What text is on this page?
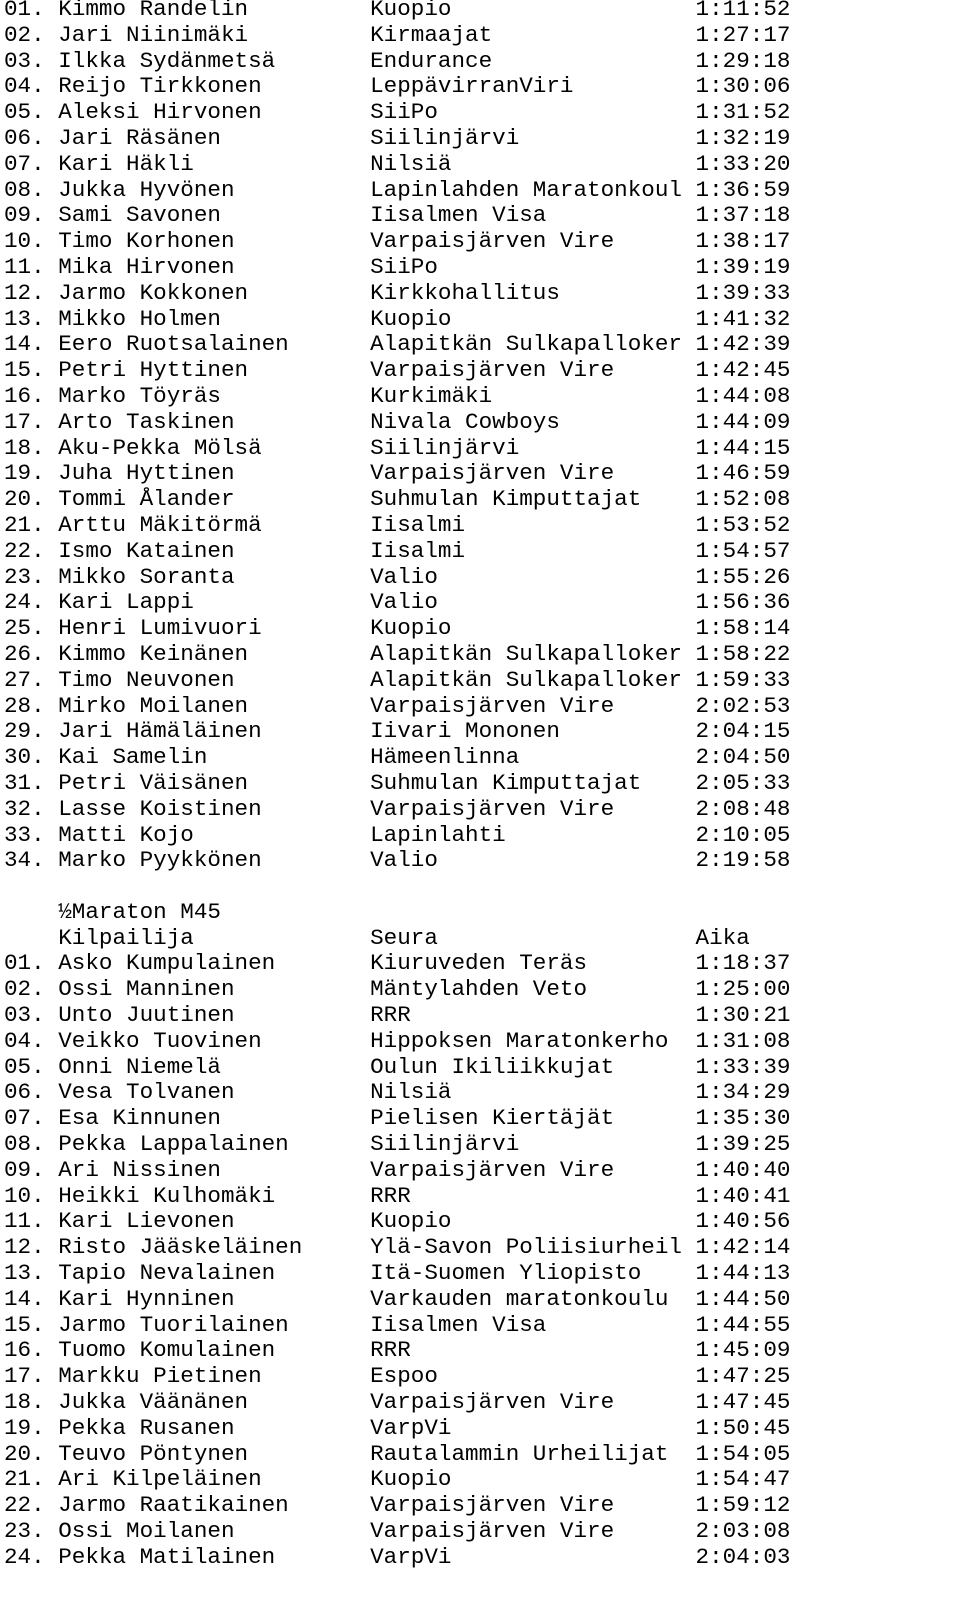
01. Kimmo Randelin	Kuopio	1:11:52
02. Jari Niinimäki	Kirmaajat	1:27:17
03. Ilkka Sydänmetsä	Endurance	1:29:18
04. Reijo Tirkkonen	LeppävirranViri	1:30:06
05. Aleksi Hirvonen	SiiPo	1:31:52
06. Jari Räsänen	Siilinjärvi	1:32:19
07. Kari Häkli	Nilsiä	1:33:20
08. Jukka Hyvönen	Lapinlahden Maratonkoul 1:36:59
09. Sami Savonen	Iisalmen Visa	1:37:18
10. Timo Korhonen	Varpaisjärven Vire	1:38:17
11. Mika Hirvonen	SiiPo	1:39:19
12. Jarmo Kokkonen	Kirkkohallitus	1:39:33
13. Mikko Holmen	Kuopio	1:41:32
14. Eero Ruotsalainen	Alapitkän Sulkapalloker 1:42:39
15. Petri Hyttinen	Varpaisjärven Vire	1:42:45
16. Marko Töyräs	Kurkimäki	1:44:08
17. Arto Taskinen	Nivala Cowboys	1:44:09
18. Aku-Pekka Mölsä	Siilinjärvi	1:44:15
19. Juha Hyttinen	Varpaisjärven Vire	1:46:59
20. Tommi Ålander	Suhmulan Kimputtajat 1:52:08
21. Arttu Mäkitörmä	Iisalmi	1:53:52
22. Ismo Katainen	Iisalmi	1:54:57
23. Mikko Soranta	Valio	1:55:26
24. Kari Lappi	Valio	1:56:36
25. Henri Lumivuori	Kuopio	1:58:14
26. Kimmo Keinänen	Alapitkän Sulkapalloker 1:58:22
27. Timo Neuvonen	Alapitkän Sulkapalloker 1:59:33
28. Mirko Moilanen	Varpaisjärven Vire	2:02:53
29. Jari Hämäläinen	Iivari Mononen	2:04:15
30. Kai Samelin	Hämeenlinna	2:04:50
31. Petri Väisänen	Suhmulan Kimputtajat 2:05:33
32. Lasse Koistinen	Varpaisjärven Vire	2:08:48
33. Matti Kojo	Lapinlahti	2:10:05
34. Marko Pyykkönen	Valio	2:19:58

½Maraton M45
Kilpailija	Seura	Aika
01. Asko Kumpulainen	Kiuruveden Teräs	1:18:37
02. Ossi Manninen	Mäntylahden Veto	1:25:00
03. Unto Juutinen	RRR	1:30:21
04. Veikko Tuovinen	Hippoksen Maratonkerho 1:31:08
05. Onni Niemelä	Oulun Ikiliikkujat	1:33:39
06. Vesa Tolvanen	Nilsiä	1:34:29
07. Esa Kinnunen	Pielisen Kiertäjät	1:35:30
08. Pekka Lappalainen	Siilinjärvi	1:39:25
09. Ari Nissinen	Varpaisjärven Vire	1:40:40
10. Heikki Kulhomäki	RRR	1:40:41
11. Kari Lievonen	Kuopio	1:40:56
12. Risto Jääskeläinen	Ylä-Savon Poliisiurheil 1:42:14
13. Tapio Nevalainen	Itä-Suomen Yliopisto 1:44:13
14. Kari Hynninen	Varkauden maratonkoulu 1:44:50
15. Jarmo Tuorilainen	Iisalmen Visa	1:44:55
16. Tuomo Komulainen	RRR	1:45:09
17. Markku Pietinen	Espoo	1:47:25
18. Jukka Väänänen	Varpaisjärven Vire	1:47:45
19. Pekka Rusanen	VarpVi	1:50:45
20. Teuvo Pöntynen	Rautalammin Urheilijat 1:54:05
21. Ari Kilpeläinen	Kuopio	1:54:47
22. Jarmo Raatikainen	Varpaisjärven Vire	1:59:12
23. Ossi Moilanen	Varpaisjärven Vire	2:03:08
24. Pekka Matilainen	VarpVi	2:04:03
